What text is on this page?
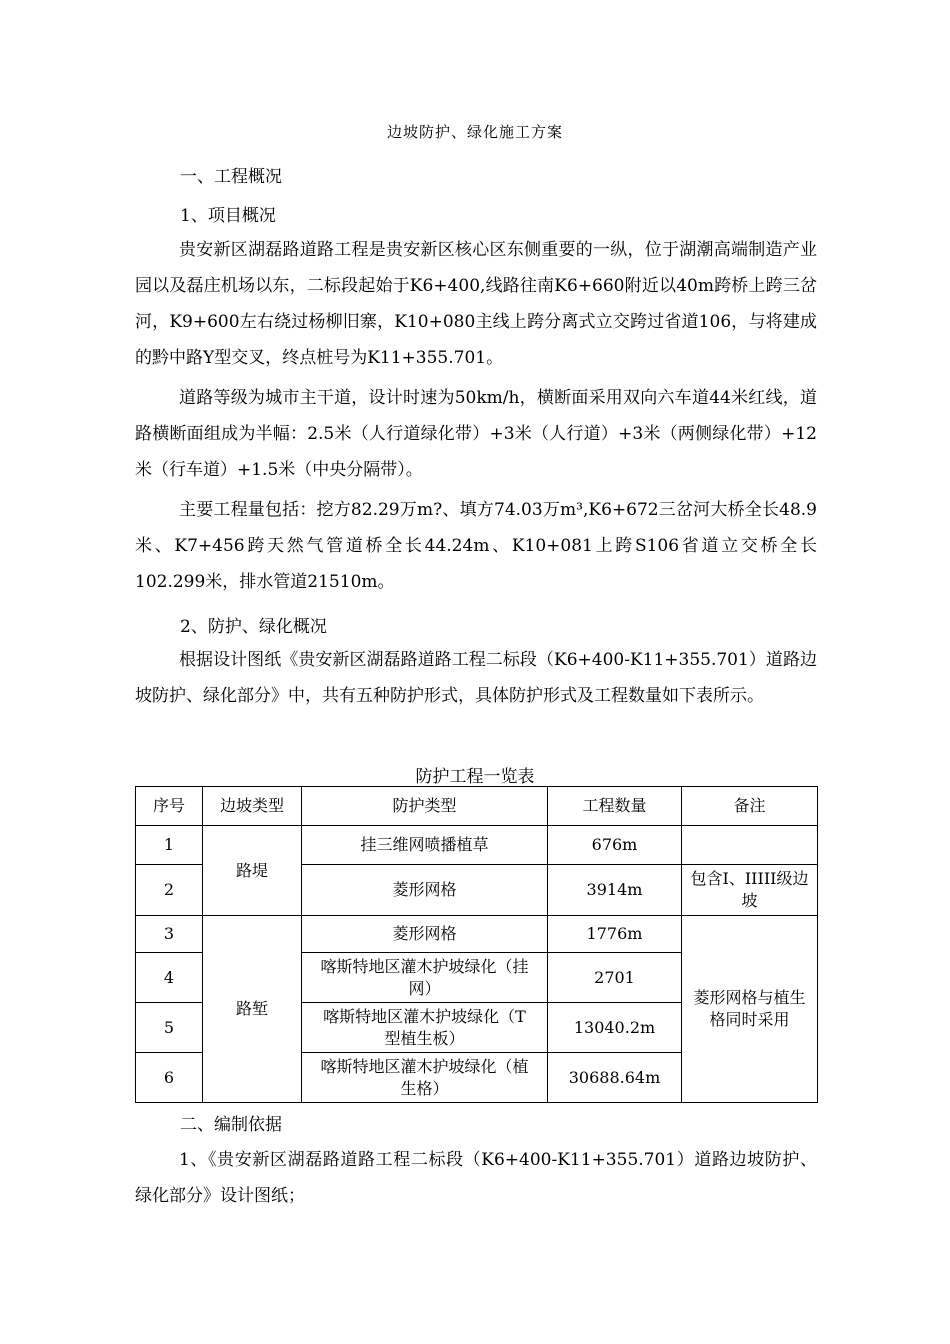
边坡防护、绿化施工方案
一、工程概况
1、项目概况
贵安新区湖磊路道路工程是贵安新区核心区东侧重要的一纵，位于湖潮高端制造产业园以及磊庄机场以东，二标段起始于K6+400,线路往南K6+660附近以40m跨桥上跨三岔河，K9+600左右绕过杨柳旧寨，K10+080主线上跨分离式立交跨过省道106，与将建成的黔中路Y型交叉，终点桩号为K11+355.701。
道路等级为城市主干道，设计时速为50km/h，横断面采用双向六车道44米红线，道路横断面组成为半幅：2.5米（人行道绿化带）+3米（人行道）+3米（两侧绿化带）+12米（行车道）+1.5米（中央分隔带）。
主要工程量包括：挖方82.29万m?、填方74.03万m³,K6+672三岔河大桥全长48.9米、K7+456跨天然气管道桥全长44.24m、K10+081上跨S106省道立交桥全长102.299米，排水管道21510m。
2、防护、绿化概况
根据设计图纸《贵安新区湖磊路道路工程二标段（K6+400-K11+355.701）道路边坡防护、绿化部分》中，共有五种防护形式，具体防护形式及工程数量如下表所示。
防护工程一览表
序号	边坡类型	防护类型	工程数量	备注
1	路堤	挂三维网喷播植草	676m	
2		菱形网格	3914m	包含Ⅰ、IIIII级边坡
3	路堑	菱形网格	1776m	菱形网格与植生格同时采用
4		喀斯特地区灌木护坡绿化（挂网）	2701	
5		喀斯特地区灌木护坡绿化（T型植生板）	13040.2m	
6		喀斯特地区灌木护坡绿化（植生格）	30688.64m	
二、编制依据
1、《贵安新区湖磊路道路工程二标段（K6+400-K11+355.701）道路边坡防护、绿化部分》设计图纸；
